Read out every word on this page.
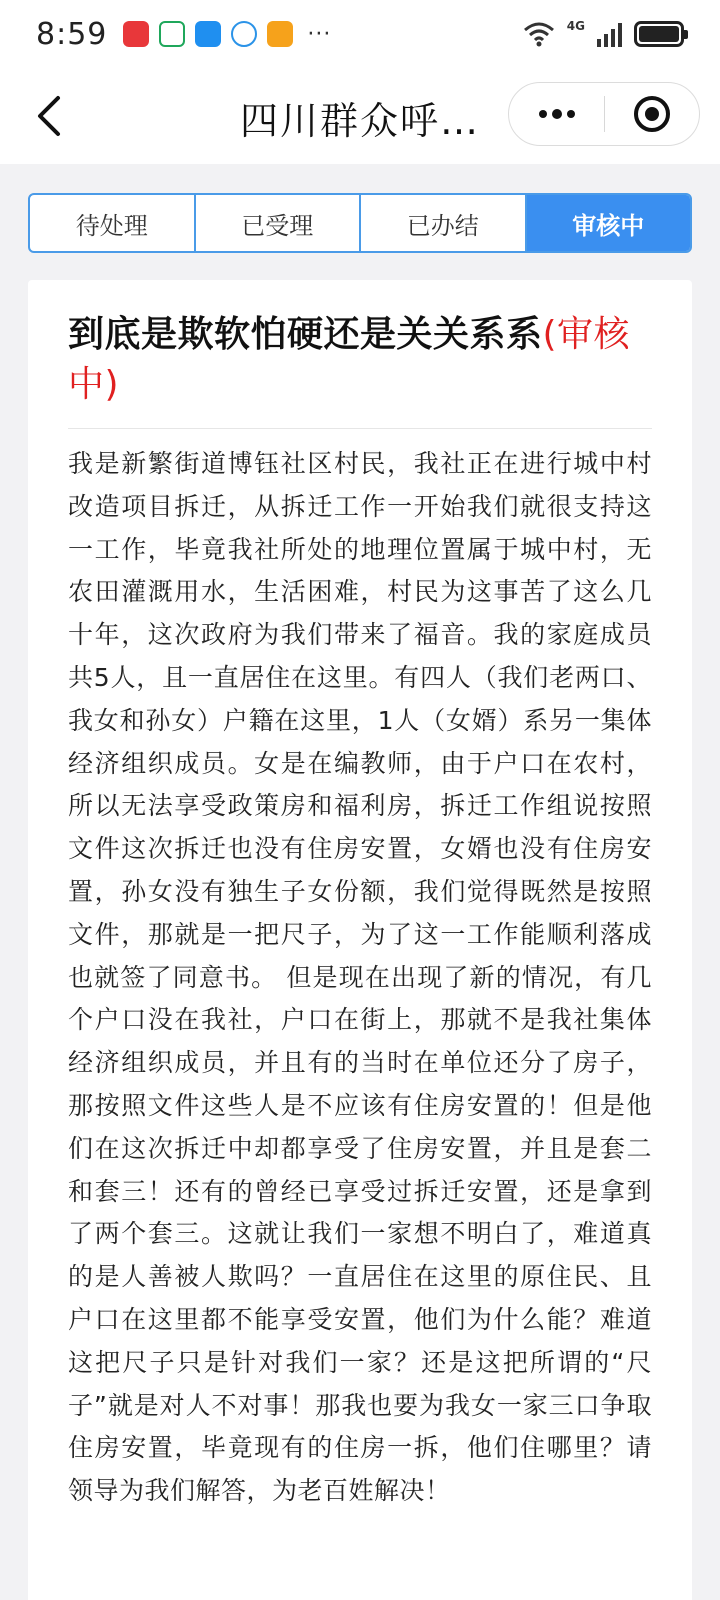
8:59	···	4G
四川群众呼…
待处理	已受理	已办结	审核中
到底是欺软怕硬还是关关系系(审核中)
我是新繁街道博钰社区村民，我社正在进行城中村改造项目拆迁，从拆迁工作一开始我们就很支持这一工作，毕竟我社所处的地理位置属于城中村，无农田灌溉用水，生活困难，村民为这事苦了这么几十年，这次政府为我们带来了福音。我的家庭成员共5人，且一直居住在这里。有四人（我们老两口、我女和孙女）户籍在这里，1人（女婿）系另一集体经济组织成员。女是在编教师，由于户口在农村，所以无法享受政策房和福利房，拆迁工作组说按照文件这次拆迁也没有住房安置，女婿也没有住房安置，孙女没有独生子女份额，我们觉得既然是按照文件，那就是一把尺子，为了这一工作能顺利落成也就签了同意书。 但是现在出现了新的情况，有几个户口没在我社，户口在街上，那就不是我社集体经济组织成员，并且有的当时在单位还分了房子，那按照文件这些人是不应该有住房安置的！但是他们在这次拆迁中却都享受了住房安置，并且是套二和套三！还有的曾经已享受过拆迁安置，还是拿到了两个套三。这就让我们一家想不明白了，难道真的是人善被人欺吗？一直居住在这里的原住民、且户口在这里都不能享受安置，他们为什么能？难道这把尺子只是针对我们一家？还是这把所谓的“尺子”就是对人不对事！那我也要为我女一家三口争取住房安置，毕竟现有的住房一拆，他们住哪里？请领导为我们解答，为老百姓解决！
